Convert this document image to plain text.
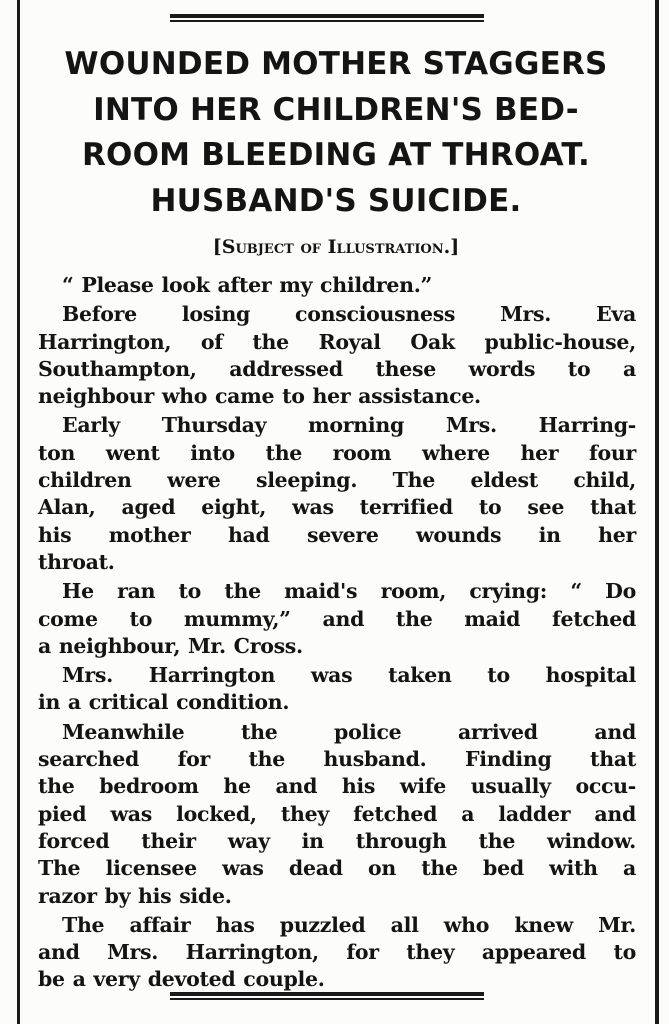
WOUNDED MOTHER STAGGERS
INTO HER CHILDREN'S BED-
ROOM BLEEDING AT THROAT.
HUSBAND'S SUICIDE.
[Subject of Illustration.]
“ Please look after my children.”
Before losing consciousness Mrs. Eva
Harrington, of the Royal Oak public-house,
Southampton, addressed these words to a
neighbour who came to her assistance.
Early Thursday morning Mrs. Harring-
ton went into the room where her four
children were sleeping. The eldest child,
Alan, aged eight, was terrified to see that
his mother had severe wounds in her
throat.
He ran to the maid's room, crying: “ Do
come to mummy,” and the maid fetched
a neighbour, Mr. Cross.
Mrs. Harrington was taken to hospital
in a critical condition.
Meanwhile the police arrived and
searched for the husband. Finding that
the bedroom he and his wife usually occu-
pied was locked, they fetched a ladder and
forced their way in through the window.
The licensee was dead on the bed with a
razor by his side.
The affair has puzzled all who knew Mr.
and Mrs. Harrington, for they appeared to
be a very devoted couple.
